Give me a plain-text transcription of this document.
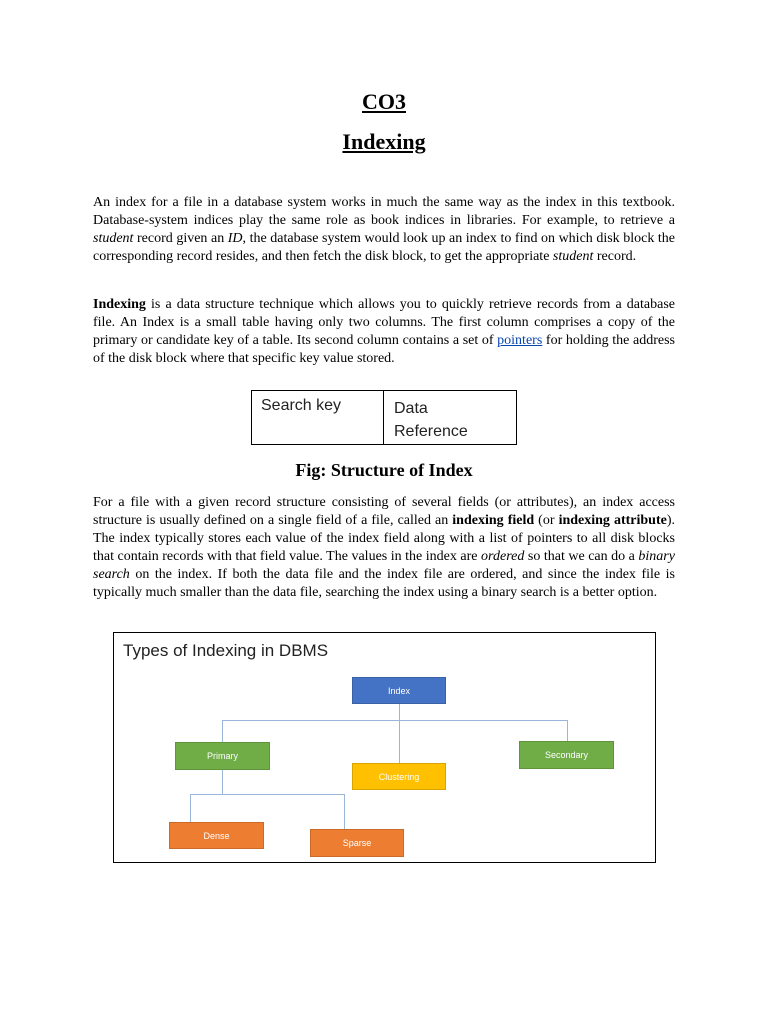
CO3
Indexing

An index for a file in a database system works in much the same way as the index in this textbook. Database-system indices play the same role as book indices in libraries. For example, to retrieve a student record given an ID, the database system would look up an index to find on which disk block the corresponding record resides, and then fetch the disk block, to get the appropriate student record.

Indexing is a data structure technique which allows you to quickly retrieve records from a database file. An Index is a small table having only two columns. The first column comprises a copy of the primary or candidate key of a table. Its second column contains a set of pointers for holding the address of the disk block where that specific key value stored.

Search key	Data
Reference

Fig: Structure of Index

For a file with a given record structure consisting of several fields (or attributes), an index access structure is usually defined on a single field of a file, called an indexing field (or indexing attribute). The index typically stores each value of the index field along with a list of pointers to all disk blocks that contain records with that field value. The values in the index are ordered so that we can do a binary search on the index. If both the data file and the index file are ordered, and since the index file is typically much smaller than the data file, searching the index using a binary search is a better option.

Types of Indexing in DBMS
Index
Primary
Clustering
Secondary
Dense
Sparse
